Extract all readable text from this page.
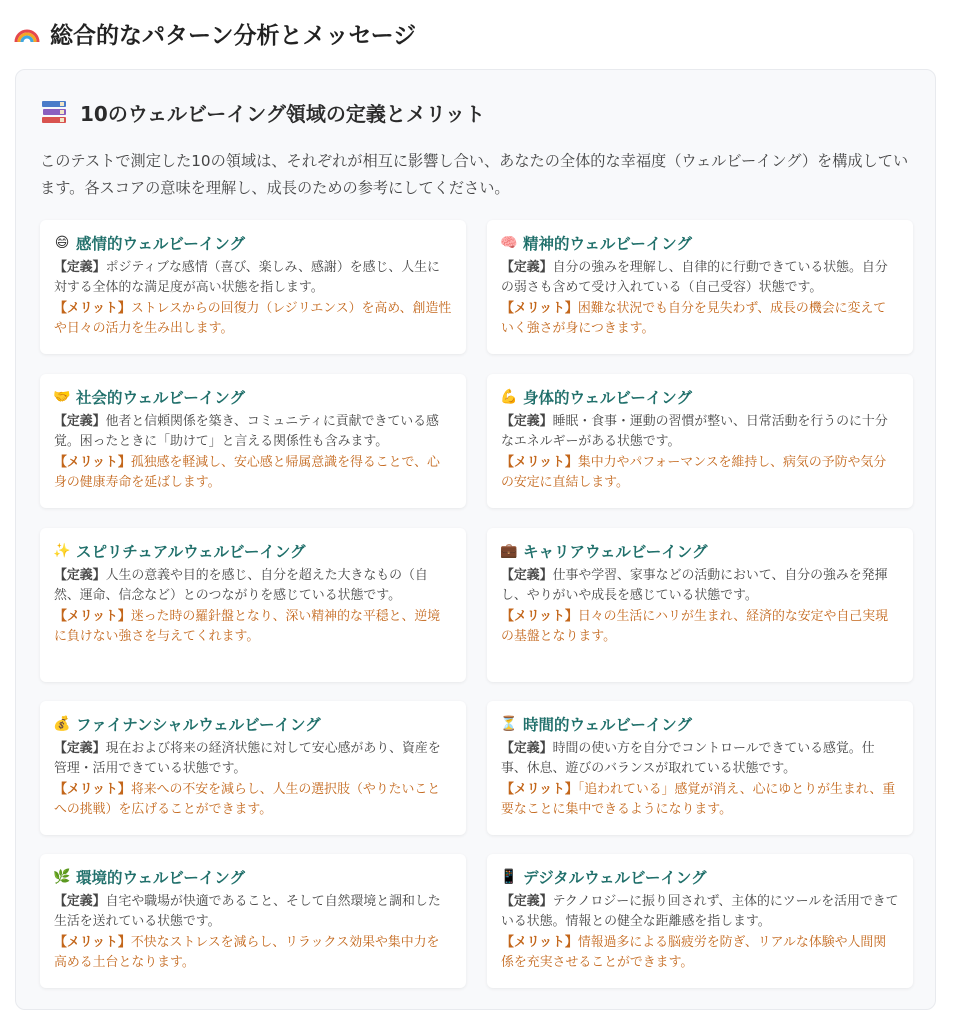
総合的なパターン分析とメッセージ
10のウェルビーイング領域の定義とメリット

このテストで測定した10の領域は、それぞれが相互に影響し合い、あなたの全体的な幸福度（ウェルビーイング）を構成しています。各スコアの意味を理解し、成長のための参考にしてください。

😄 感情的ウェルビーイング

【定義】ポジティブな感情（喜び、楽しみ、感謝）を感じ、人生に対する全体的な満足度が高い状態を指します。

【メリット】ストレスからの回復力（レジリエンス）を高め、創造性や日々の活力を生み出します。

🧠 精神的ウェルビーイング

【定義】自分の強みを理解し、自律的に行動できている状態。自分の弱さも含めて受け入れている（自己受容）状態です。

【メリット】困難な状況でも自分を見失わず、成長の機会に変えていく強さが身につきます。

🤝 社会的ウェルビーイング

【定義】他者と信頼関係を築き、コミュニティに貢献できている感覚。困ったときに「助けて」と言える関係性も含みます。

【メリット】孤独感を軽減し、安心感と帰属意識を得ることで、心身の健康寿命を延ばします。

💪 身体的ウェルビーイング

【定義】睡眠・食事・運動の習慣が整い、日常活動を行うのに十分なエネルギーがある状態です。

【メリット】集中力やパフォーマンスを維持し、病気の予防や気分の安定に直結します。

✨ スピリチュアルウェルビーイング

【定義】人生の意義や目的を感じ、自分を超えた大きなもの（自然、運命、信念など）とのつながりを感じている状態です。

【メリット】迷った時の羅針盤となり、深い精神的な平穏と、逆境に負けない強さを与えてくれます。

💼 キャリアウェルビーイング

【定義】仕事や学習、家事などの活動において、自分の強みを発揮し、やりがいや成長を感じている状態です。

【メリット】日々の生活にハリが生まれ、経済的な安定や自己実現の基盤となります。

💰 ファイナンシャルウェルビーイング

【定義】現在および将来の経済状態に対して安心感があり、資産を管理・活用できている状態です。

【メリット】将来への不安を減らし、人生の選択肢（やりたいことへの挑戦）を広げることができます。

⏳ 時間的ウェルビーイング

【定義】時間の使い方を自分でコントロールできている感覚。仕事、休息、遊びのバランスが取れている状態です。

【メリット】「追われている」感覚が消え、心にゆとりが生まれ、重要なことに集中できるようになります。

🌿 環境的ウェルビーイング

【定義】自宅や職場が快適であること、そして自然環境と調和した生活を送れている状態です。

【メリット】不快なストレスを減らし、リラックス効果や集中力を高める土台となります。

📱 デジタルウェルビーイング

【定義】テクノロジーに振り回されず、主体的にツールを活用できている状態。情報との健全な距離感を指します。

【メリット】情報過多による脳疲労を防ぎ、リアルな体験や人間関係を充実させることができます。
